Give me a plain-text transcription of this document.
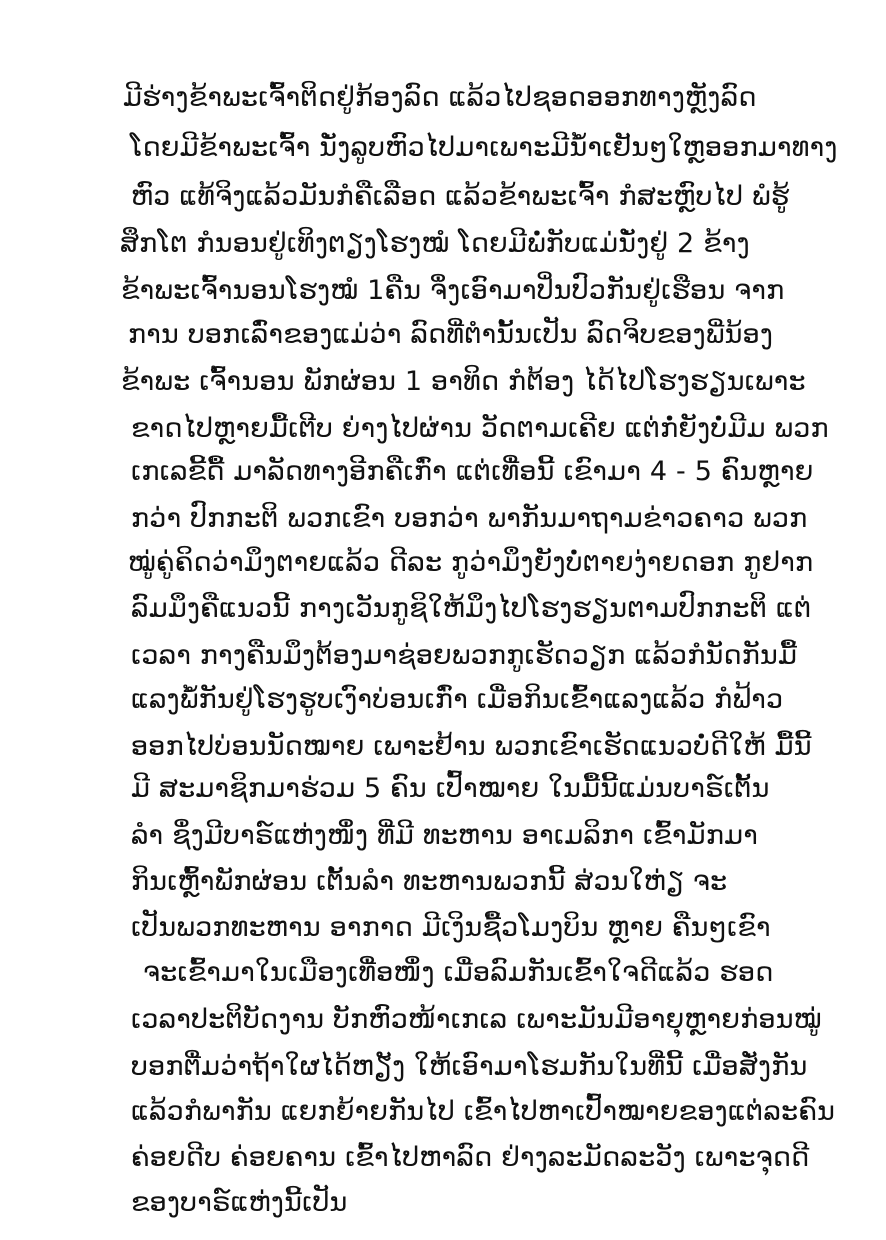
ມີຮ່າງຂ້າພະເຈົ້າຕິດຢູ່ກ້ອງລົດ ແລ້ວໄປຊອດອອກທາງຫຼັງລົດ
ໂດຍມີຂ້າພະເຈົ້າ ນັ່ງລູບຫົວໄປມາເພາະມີນໍ້າເຢັນໆໃຫຼອອກມາທາງ
ຫົວ ແທ້ຈິງແລ້ວມັນກໍຄືເລືອດ ແລ້ວຂ້າພະເຈົ້າ ກໍສະຫຼົບໄປ ພໍຮູ້
ສຶກໂຕ ກໍນອນຢູ່ເທິງຕຽງໂຮງໝໍ ໂດຍມີພໍ່ກັບແມ່ນັ່ງຢູ່ 2 ຂ້າງ
ຂ້າພະເຈົ້ານອນໂຮງໝໍ 1ຄືນ ຈຶ່ງເອົາມາປິ່ນປົວກັນຢູ່ເຮືອນ ຈາກ
ການ ບອກເລົ່າຂອງແມ່ວ່າ ລົດທີ່ຕຳນັ້ນເປັນ ລົດຈິບຂອງພີ່ນ້ອງ
ຂ້າພະ ເຈົ້ານອນ ພັກຜ່ອນ 1 ອາທິດ ກໍຕ້ອງ ໄດ້ໄປໂຮງຮຽນເພາະ
ຂາດໄປຫຼາຍມື້ເຕີບ ຍ່າງໄປຜ່ານ ວັດຕາມເຄີຍ ແຕ່ກໍ່ຍັງບໍ່ມີມ ພວກ
ເກເລຂີ້ດື້ ມາລັດທາງອີກຄືເກົ່າ ແຕ່ເທື່ອນີ້ ເຂົາມາ 4 - 5 ຄົນຫຼາຍ
ກວ່າ ປົກກະຕິ ພວກເຂົາ ບອກວ່າ ພາກັນມາຖາມຂ່າວຄາວ ພວກ
ໝູ່ຄູ່ຄິດວ່າມຶງຕາຍແລ້ວ ດີລະ ກູວ່າມຶງຍັງບໍ່ຕາຍງ່າຍດອກ ກູຢາກ
ລົມມຶງຄືແນວນີ້ ກາງເວັນກູຊິໃຫ້ມຶງໄປໂຮງຮຽນຕາມປົກກະຕິ ແຕ່
ເວລາ ກາງຄືນມຶງຕ້ອງມາຊ່ອຍພວກກູເຮັດວຽກ ແລ້ວກໍນັດກັນມື້
ແລງພໍ້ກັນຢູ່ໂຮງຮູບເງົາບ່ອນເກົ່າ ເມື່ອກິນເຂົ້າແລງແລ້ວ ກໍຟ້າວ
ອອກໄປບ່ອນນັດໝາຍ ເພາະຢ້ານ ພວກເຂົາເຮັດແນວບໍ່ດີໃຫ້ ມື້ນີ້
ມີ ສະມາຊິກມາຮ່ວມ 5 ຄົນ ເປົ້າໝາຍ ໃນມື້ນີ້ແມ່ນບາຣ໌ເຕັ້ນ
ລຳ ຊຶ່ງມີບາຣ໌ແຫ່ງໜຶ່ງ ທີ່ມີ ທະຫານ ອາເມລິກາ ເຂົ້າມັກມາ
ກິນເຫຼົ້າພັກຜ່ອນ ເຕັ້ນລຳ ທະຫານພວກນີ້ ສ່ວນໃຫ່ຽ ຈະ
ເປັນພວກທະຫານ ອາກາດ ມີເງິນຊື້ວໂມງບິນ ຫຼາຍ ຄືນໆເຂົາ
ຈະເຂົ້າມາໃນເມືອງເທື່ອໜຶ່ງ ເມື່ອລົມກັນເຂົ້າໃຈດີແລ້ວ ຮອດ
ເວລາປະຕິບັດງານ ບັກຫົວໜ້າເກເລ ເພາະມັນມີອາຍຸຫຼາຍກ່ອນໝູ່
ບອກຕື່ມວ່າຖ້າໃຜໄດ້ຫຽັງ ໃຫ້ເອົາມາໂຮມກັນໃນທີ່ນີ້ ເມື່ອສັ່ງກັນ
ແລ້ວກໍພາກັນ ແຍກຍ້າຍກັນໄປ ເຂົ້າໄປຫາເປົ້າໝາຍຂອງແຕ່ລະຄົນ
ຄ່ອຍດີບ ຄ່ອຍຄານ ເຂົ້າໄປຫາລົດ ຢ່າງລະມັດລະວັງ ເພາະຈຸດດີ
ຂອງບາຣ໌ແຫ່ງນີ້ເປັນ
